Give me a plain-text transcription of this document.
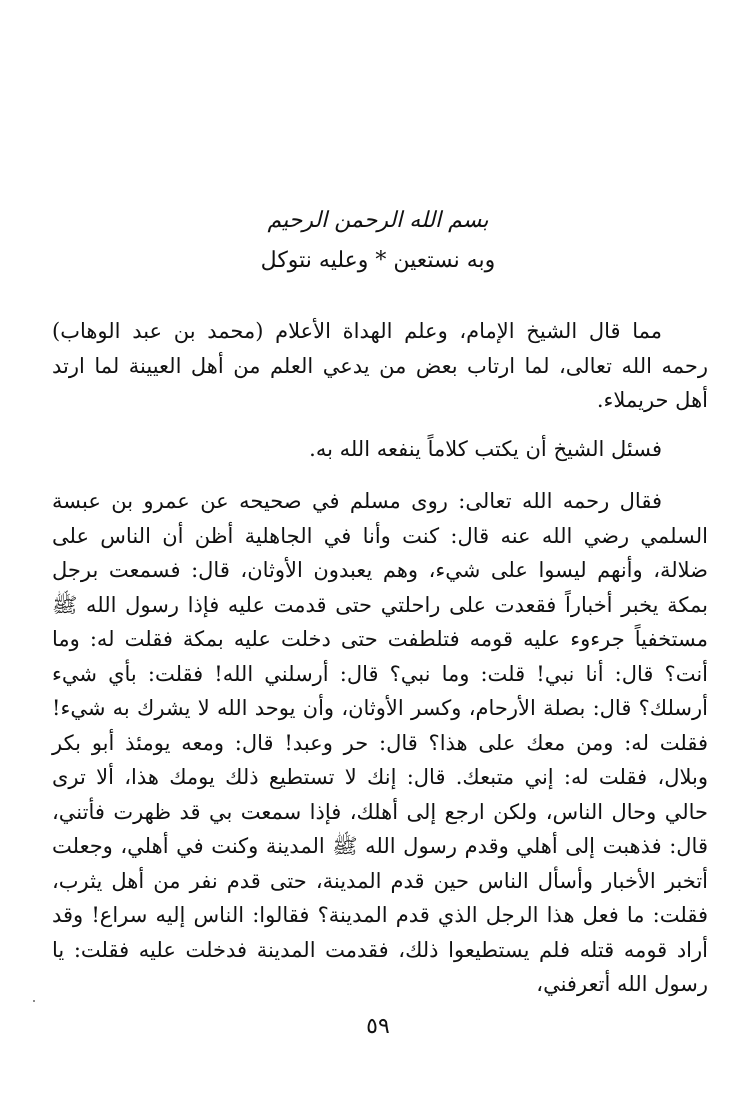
بسم الله الرحمن الرحيم
وبه نستعين * وعليه نتوكل

مما قال الشيخ الإمام، وعلم الهداة الأعلام (محمد بن عبد الوهاب) رحمه الله تعالى، لما ارتاب بعض من يدعي العلم من أهل العيينة لما ارتد أهل حريملاء.

فسئل الشيخ أن يكتب كلاماً ينفعه الله به.

فقال رحمه الله تعالى: روى مسلم في صحيحه عن عمرو بن عبسة السلمي رضي الله عنه قال: كنت وأنا في الجاهلية أظن أن الناس على ضلالة، وأنهم ليسوا على شيء، وهم يعبدون الأوثان، قال: فسمعت برجل بمكة يخبر أخباراً فقعدت على راحلتي حتى قدمت عليه فإذا رسول الله ﷺ مستخفياً جرءوء عليه قومه فتلطفت حتى دخلت عليه بمكة فقلت له: وما أنت؟ قال: أنا نبي! قلت: وما نبي؟ قال: أرسلني الله! فقلت: بأي شيء أرسلك؟ قال: بصلة الأرحام، وكسر الأوثان، وأن يوحد الله لا يشرك به شيء! فقلت له: ومن معك على هذا؟ قال: حر وعبد! قال: ومعه يومئذ أبو بكر وبلال، فقلت له: إني متبعك. قال: إنك لا تستطيع ذلك يومك هذا، ألا ترى حالي وحال الناس، ولكن ارجع إلى أهلك، فإذا سمعت بي قد ظهرت فأتني، قال: فذهبت إلى أهلي وقدم رسول الله ﷺ المدينة وكنت في أهلي، وجعلت أتخبر الأخبار وأسأل الناس حين قدم المدينة، حتى قدم نفر من أهل يثرب، فقلت: ما فعل هذا الرجل الذي قدم المدينة؟ فقالوا: الناس إليه سراع! وقد أراد قومه قتله فلم يستطيعوا ذلك، فقدمت المدينة فدخلت عليه فقلت: يا رسول الله أتعرفني،

٥٩
